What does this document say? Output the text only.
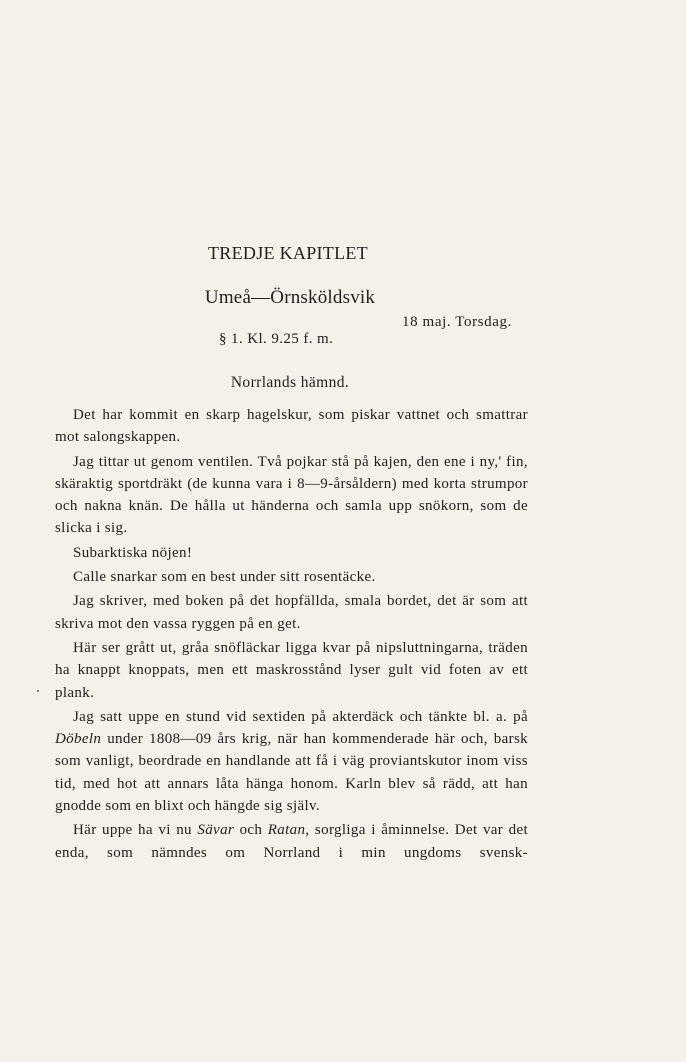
TREDJE KAPITLET
Umeå—Örnsköldsvik
18 maj. Torsdag.
§ 1. Kl. 9.25 f. m.
Norrlands hämnd.

Det har kommit en skarp hagelskur, som piskar vattnet och smattrar mot salongskappen.

Jag tittar ut genom ventilen. Två pojkar stå på kajen, den ene i ny,' fin, skäraktig sportdräkt (de kunna vara i 8—9-årsåldern) med korta strumpor och nakna knän. De hålla ut händerna och samla upp snökorn, som de slicka i sig.

Subarktiska nöjen!

Calle snarkar som en best under sitt rosentäcke.

Jag skriver, med boken på det hopfällda, smala bordet, det är som att skriva mot den vassa ryggen på en get.

Här ser grått ut, gråa snöfläckar ligga kvar på nipsluttningarna, träden ha knappt knoppats, men ett maskrosstånd lyser gult vid foten av ett plank.

Jag satt uppe en stund vid sextiden på akterdäck och tänkte bl. a. på Döbeln under 1808—09 års krig, när han kommenderade här och, barsk som vanligt, beordrade en handlande att få i väg proviantskutor inom viss tid, med hot att annars låta hänga honom. Karln blev så rädd, att han gnodde som en blixt och hängde sig själv.

Här uppe ha vi nu Sävar och Ratan, sorgliga i åminnelse. Det var det enda, som nämndes om Norrland i min ungdoms svensk-
